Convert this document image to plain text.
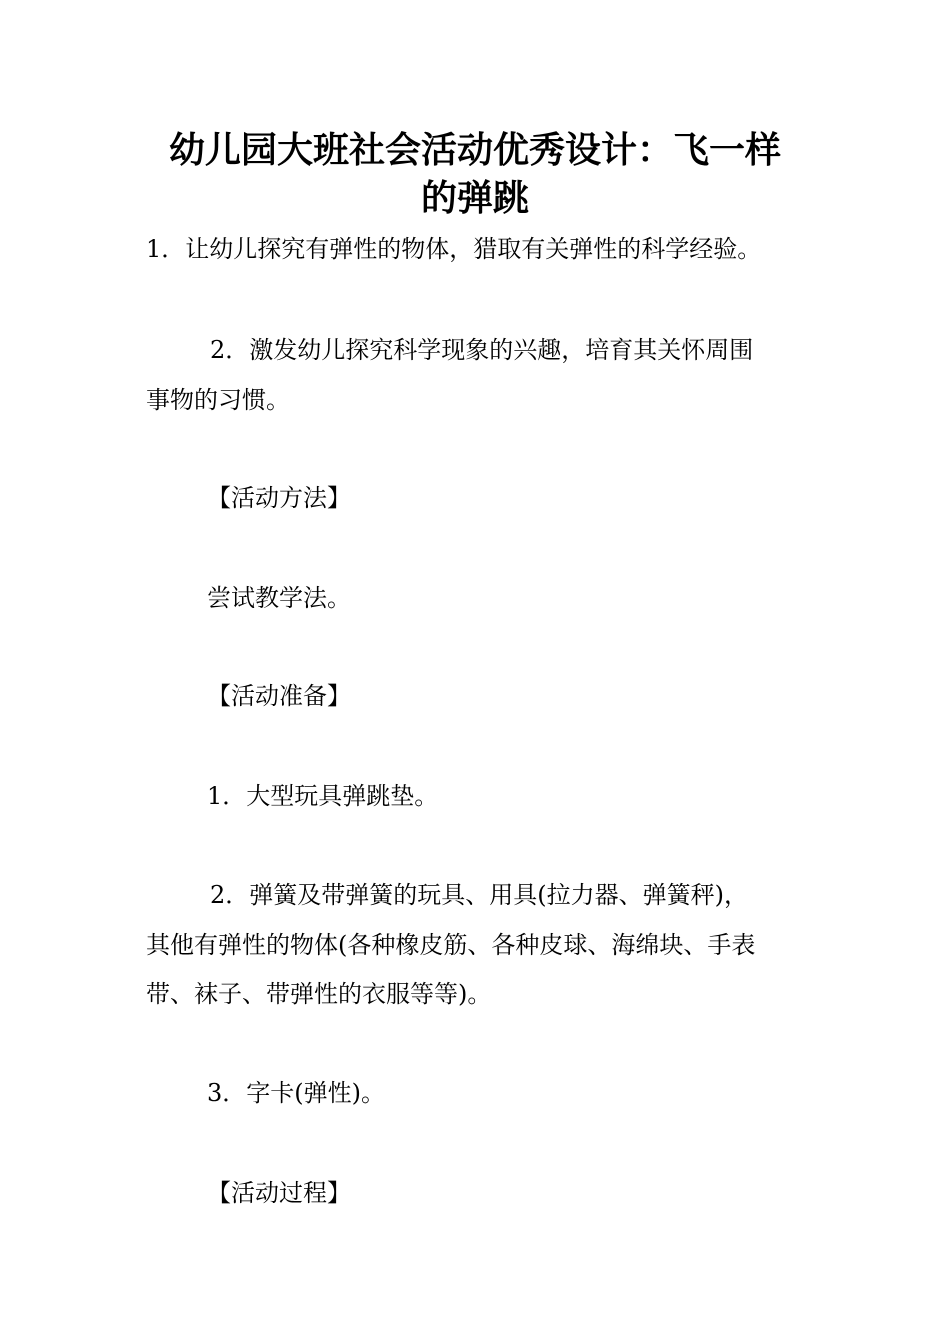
幼儿园大班社会活动优秀设计：飞一样
的弹跳
1．让幼儿探究有弹性的物体，猎取有关弹性的科学经验。
2．激发幼儿探究科学现象的兴趣，培育其关怀周围
事物的习惯。
【活动方法】
尝试教学法。
【活动准备】
1．大型玩具弹跳垫。
2．弹簧及带弹簧的玩具、用具(拉力器、弹簧秤)，
其他有弹性的物体(各种橡皮筋、各种皮球、海绵块、手表
带、袜子、带弹性的衣服等等)。
3．字卡(弹性)。
【活动过程】
